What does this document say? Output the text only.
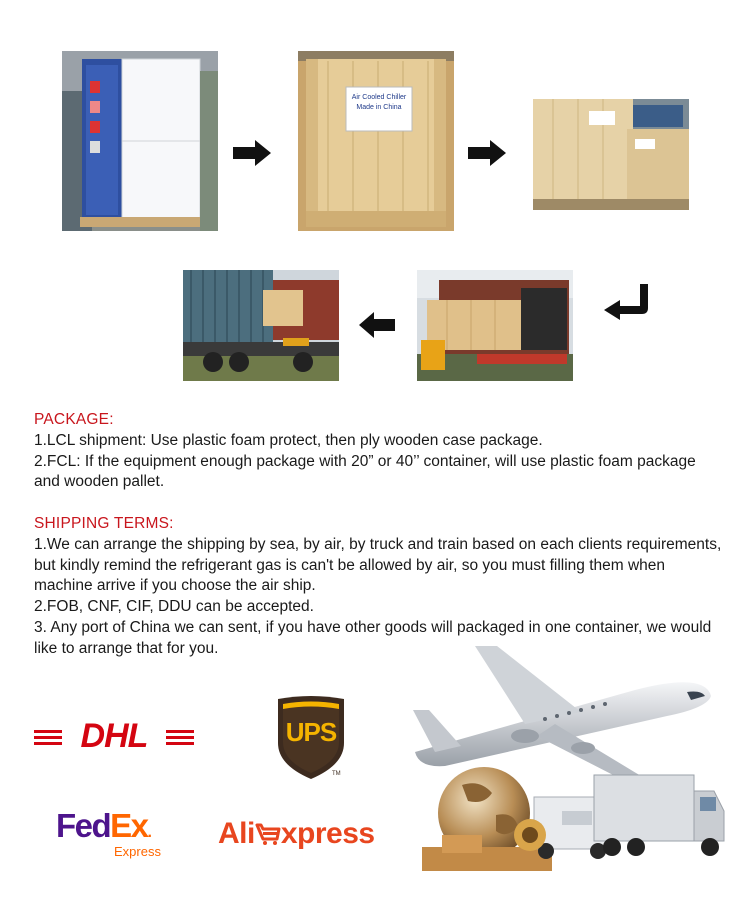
Air Cooled Chiller Made in China

PACKAGE:

1.LCL shipment: Use plastic foam protect, then ply wooden case package.

2.FCL: If the equipment enough package with 20” or 40’’ container, will use plastic foam package and wooden pallet.

SHIPPING TERMS:

1.We can arrange the shipping by sea, by air, by truck and train based on each clients requirements, but kindly remind the refrigerant gas is can't be allowed by air, so you must filling them when machine arrive if you choose the air ship.

2.FOB, CNF, CIF, DDU can be accepted.

3. Any port of China we can sent, if you have other goods will packaged in one container, we would like to arrange that for you.

DHL	UPS
TM
FedEx.
Express
Ali xpress
